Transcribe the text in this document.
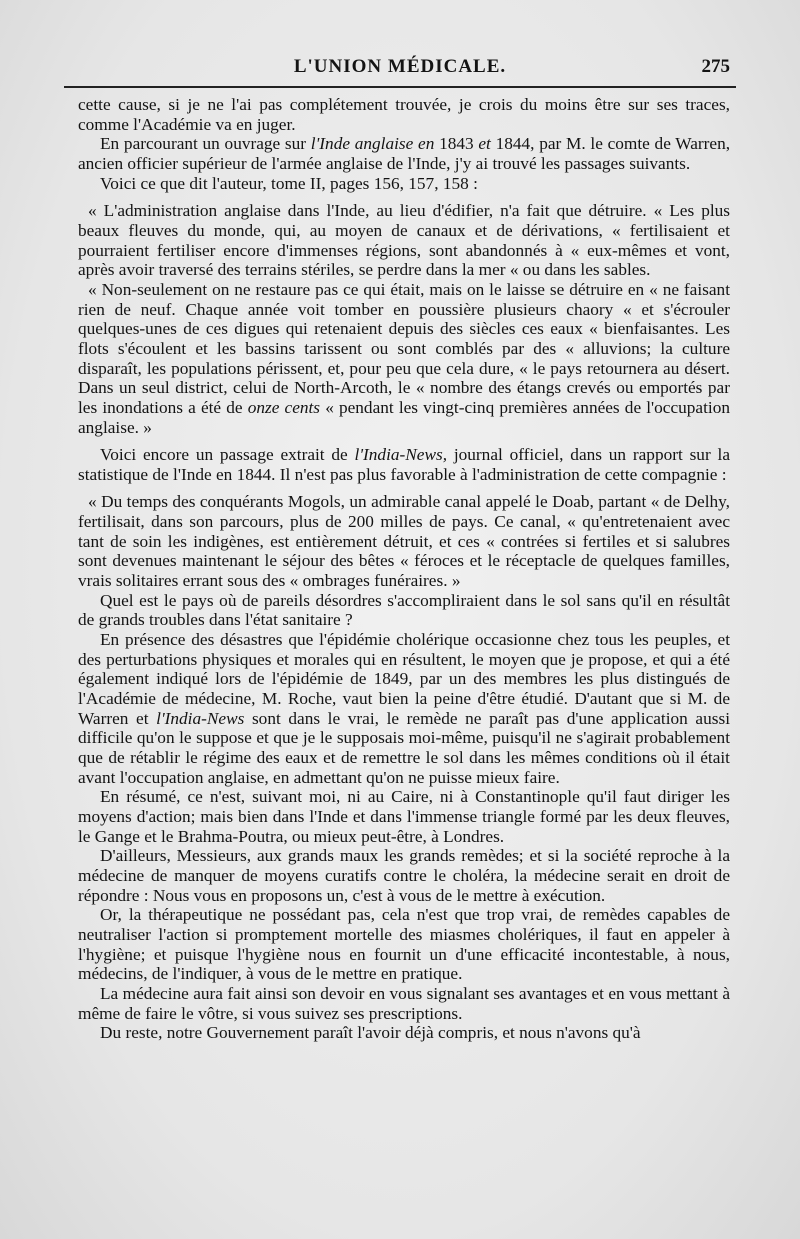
L'UNION MÉDICALE.	275

cette cause, si je ne l'ai pas complétement trouvée, je crois du moins être sur ses traces, comme l'Académie va en juger.

En parcourant un ouvrage sur l'Inde anglaise en 1843 et 1844, par M. le comte de Warren, ancien officier supérieur de l'armée anglaise de l'Inde, j'y ai trouvé les passages suivants.

Voici ce que dit l'auteur, tome II, pages 156, 157, 158 :

« L'administration anglaise dans l'Inde, au lieu d'édifier, n'a fait que détruire. « Les plus beaux fleuves du monde, qui, au moyen de canaux et de dérivations, « fertilisaient et pourraient fertiliser encore d'immenses régions, sont abandonnés à « eux-mêmes et vont, après avoir traversé des terrains stériles, se perdre dans la mer « ou dans les sables.

« Non-seulement on ne restaure pas ce qui était, mais on le laisse se détruire en « ne faisant rien de neuf. Chaque année voit tomber en poussière plusieurs chaory « et s'écrouler quelques-unes de ces digues qui retenaient depuis des siècles ces eaux « bienfaisantes. Les flots s'écoulent et les bassins tarissent ou sont comblés par des « alluvions; la culture disparaît, les populations périssent, et, pour peu que cela dure, « le pays retournera au désert. Dans un seul district, celui de North-Arcoth, le « nombre des étangs crevés ou emportés par les inondations a été de onze cents « pendant les vingt-cinq premières années de l'occupation anglaise. »

Voici encore un passage extrait de l'India-News, journal officiel, dans un rapport sur la statistique de l'Inde en 1844. Il n'est pas plus favorable à l'administration de cette compagnie :

« Du temps des conquérants Mogols, un admirable canal appelé le Doab, partant « de Delhy, fertilisait, dans son parcours, plus de 200 milles de pays. Ce canal, « qu'entretenaient avec tant de soin les indigènes, est entièrement détruit, et ces « contrées si fertiles et si salubres sont devenues maintenant le séjour des bêtes « féroces et le réceptacle de quelques familles, vrais solitaires errant sous des « ombrages funéraires. »

Quel est le pays où de pareils désordres s'accompliraient dans le sol sans qu'il en résultât de grands troubles dans l'état sanitaire ?

En présence des désastres que l'épidémie cholérique occasionne chez tous les peuples, et des perturbations physiques et morales qui en résultent, le moyen que je propose, et qui a été également indiqué lors de l'épidémie de 1849, par un des membres les plus distingués de l'Académie de médecine, M. Roche, vaut bien la peine d'être étudié. D'autant que si M. de Warren et l'India-News sont dans le vrai, le remède ne paraît pas d'une application aussi difficile qu'on le suppose et que je le supposais moi-même, puisqu'il ne s'agirait probablement que de rétablir le régime des eaux et de remettre le sol dans les mêmes conditions où il était avant l'occupation anglaise, en admettant qu'on ne puisse mieux faire.

En résumé, ce n'est, suivant moi, ni au Caire, ni à Constantinople qu'il faut diriger les moyens d'action; mais bien dans l'Inde et dans l'immense triangle formé par les deux fleuves, le Gange et le Brahma-Poutra, ou mieux peut-être, à Londres.

D'ailleurs, Messieurs, aux grands maux les grands remèdes; et si la société reproche à la médecine de manquer de moyens curatifs contre le choléra, la médecine serait en droit de répondre : Nous vous en proposons un, c'est à vous de le mettre à exécution.

Or, la thérapeutique ne possédant pas, cela n'est que trop vrai, de remèdes capables de neutraliser l'action si promptement mortelle des miasmes cholériques, il faut en appeler à l'hygiène; et puisque l'hygiène nous en fournit un d'une efficacité incontestable, à nous, médecins, de l'indiquer, à vous de le mettre en pratique.

La médecine aura fait ainsi son devoir en vous signalant ses avantages et en vous mettant à même de faire le vôtre, si vous suivez ses prescriptions.

Du reste, notre Gouvernement paraît l'avoir déjà compris, et nous n'avons qu'à
